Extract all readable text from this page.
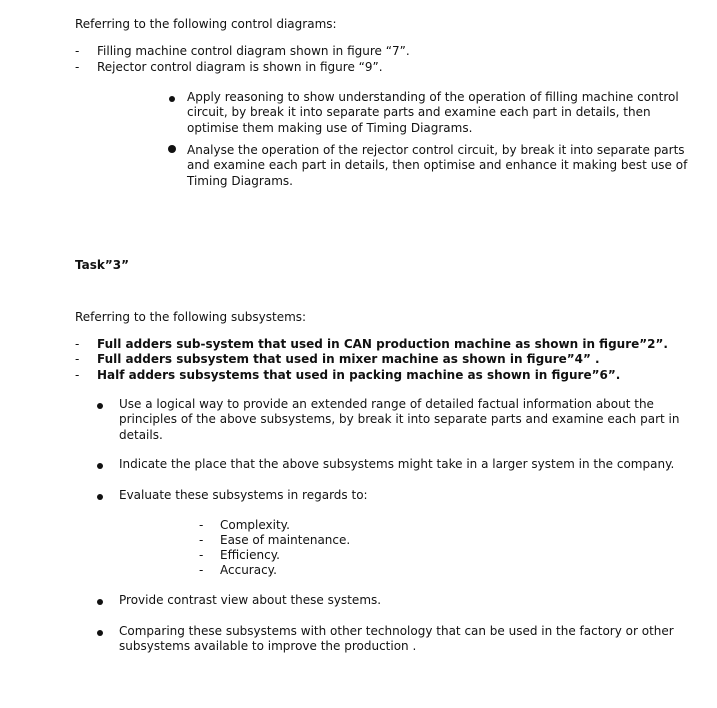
Referring to the following control diagrams:
-	Filling machine control diagram shown in figure “7”.
-	Rejector control diagram is shown in figure “9”.
Apply reasoning to show understanding of the operation of filling machine control
circuit, by break it into separate parts and examine each part in details, then
optimise them making use of Timing Diagrams.
Analyse the operation of the rejector control circuit, by break it into separate parts
and examine each part in details, then optimise and enhance it making best use of
Timing Diagrams.
Task”3”
Referring to the following subsystems:
-	Full adders sub-system that used in CAN production machine as shown in figure”2”.
-	Full adders subsystem that used in mixer machine as shown in figure”4” .
-	Half adders subsystems that used in packing machine as shown in figure”6”.
Use a logical way to provide an extended range of detailed factual information about the
principles of the above subsystems, by break it into separate parts and examine each part in
details.
Indicate the place that the above subsystems might take in a larger system in the company.
Evaluate these subsystems in regards to:
-	Complexity.
-	Ease of maintenance.
-	Efficiency.
-	Accuracy.
Provide contrast view about these systems.
Comparing these subsystems with other technology that can be used in the factory or other
subsystems available to improve the production .
